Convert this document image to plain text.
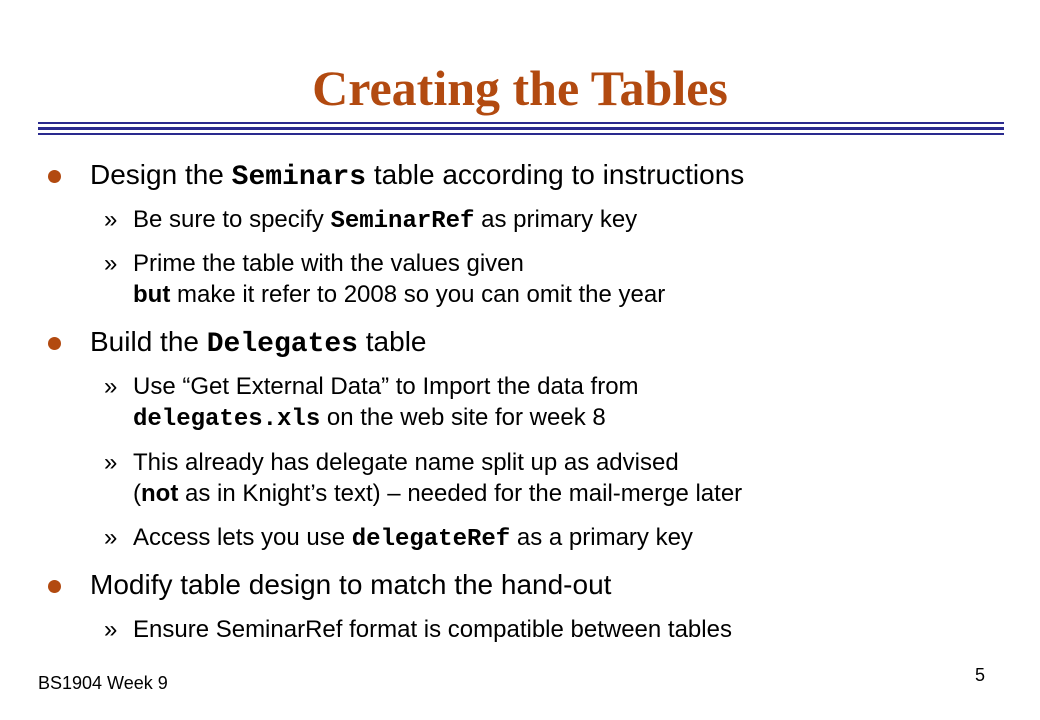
Creating the Tables
Design the Seminars table according to instructions
» Be sure to specify SeminarRef as primary key
» Prime the table with the values given
but make it refer to 2008 so you can omit the year
Build the Delegates table
» Use “Get External Data” to Import the data from
delegates.xls on the web site for week 8
» This already has delegate name split up as advised
(not as in Knight’s text) – needed for the mail-merge later
» Access lets you use delegateRef as a primary key
Modify table design to match the hand-out
» Ensure SeminarRef format is compatible between tables
BS1904 Week 9	5
